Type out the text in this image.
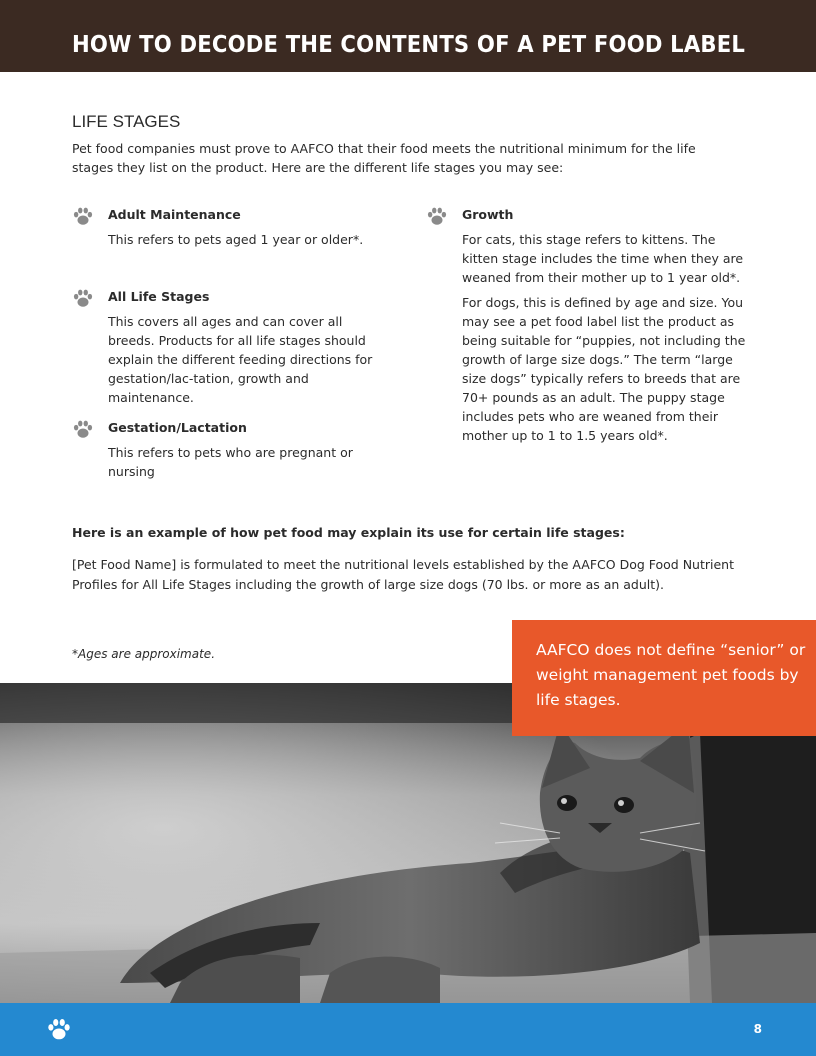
HOW TO DECODE THE CONTENTS OF A PET FOOD LABEL
LIFE STAGES

Pet food companies must prove to AAFCO that their food meets the nutritional minimum for the life stages they list on the product. Here are the different life stages you may see:

Adult Maintenance

This refers to pets aged 1 year or older*.

All Life Stages

This covers all ages and can cover all breeds. Products for all life stages should explain the different feeding directions for gestation/lac-tation, growth and maintenance.

Gestation/Lactation

This refers to pets who are pregnant or nursing

Growth

For cats, this stage refers to kittens. The kitten stage includes the time when they are weaned from their mother up to 1 year old*.

For dogs, this is defined by age and size. You may see a pet food label list the product as being suitable for “puppies, not including the growth of large size dogs.” The term “large size dogs” typically refers to breeds that are 70+ pounds as an adult. The puppy stage includes pets who are weaned from their mother up to 1 to 1.5 years old*.

Here is an example of how pet food may explain its use for certain life stages:

[Pet Food Name] is formulated to meet the nutritional levels established by the AAFCO Dog Food Nutrient Profiles for All Life Stages including the growth of large size dogs (70 lbs. or more as an adult).

*Ages are approximate.	AAFCO does not define “senior” or weight management pet foods by life stages.

8
